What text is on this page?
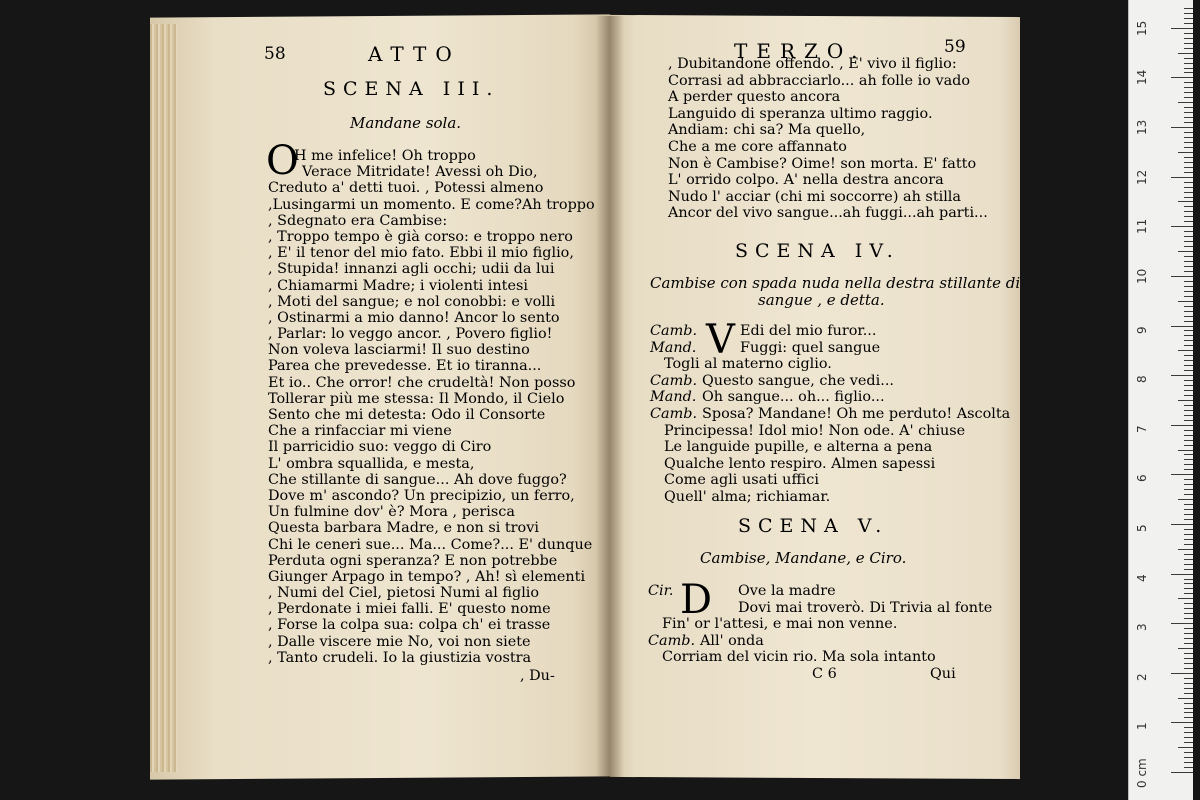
58	ATTO
SCENA III.
Mandane sola.
O
H me infelice! Oh troppo
Verace Mitridate! Avessi oh Dio,
Creduto a' detti tuoi. , Potessi almeno
,Lusingarmi un momento. E come?Ah troppo
, Sdegnato era Cambise:
, Troppo tempo è già corso: e troppo nero
, E' il tenor del mio fato. Ebbi il mio figlio,
, Stupida! innanzi agli occhi; udii da lui
, Chiamarmi Madre; i violenti intesi
, Moti del sangue; e nol conobbi: e volli
, Ostinarmi a mio danno! Ancor lo sento
, Parlar: lo veggo ancor. , Povero figlio!
Non voleva lasciarmi! Il suo destino
Parea che prevedesse. Et io tiranna...
Et io.. Che orror! che crudeltà! Non posso
Tollerar più me stessa: Il Mondo, il Cielo
Sento che mi detesta: Odo il Consorte
Che a rinfacciar mi viene
Il parricidio suo: veggo di Ciro
L' ombra squallida, e mesta,
Che stillante di sangue... Ah dove fuggo?
Dove m' ascondo? Un precipizio, un ferro,
Un fulmine dov' è? Mora , perisca
Questa barbara Madre, e non si trovi
Chi le ceneri sue... Ma... Come?... E' dunque
Perduta ogni speranza? E non potrebbe
Giunger Arpago in tempo? , Ah! sì elementi
, Numi del Ciel, pietosi Numi al figlio
, Perdonate i miei falli. E' questo nome
, Forse la colpa sua: colpa ch' ei trasse
, Dalle viscere mie No, voi non siete
, Tanto crudeli. Io la giustizia vostra
, Du-
TERZO.	59
, Dubitandone offendo. , E' vivo il figlio:
Corrasi ad abbracciarlo... ah folle io vado
A perder questo ancora
Languido di speranza ultimo raggio.
Andiam: chi sa? Ma quello,
Che a me core affannato
Non è Cambise? Oime! son morta. E' fatto
L' orrido colpo. A' nella destra ancora
Nudo l' acciar (chi mi soccorre) ah stilla
Ancor del vivo sangue...ah fuggi...ah parti...
SCENA IV.
Cambise con spada nuda nella destra stillante di
sangue , e detta.
V
Camb.	Edi del mio furor...
Mand.	Fuggi: quel sangue
Togli al materno ciglio.
Camb. Questo sangue, che vedi...
Mand. Oh sangue... oh... figlio...
Camb. Sposa? Mandane! Oh me perduto! Ascolta
Principessa! Idol mio! Non ode. A' chiuse
Le languide pupille, e alterna a pena
Qualche lento respiro. Almen sapessi
Come agli usati uffici
Quell' alma; richiamar.
SCENA V.
Cambise, Mandane, e Ciro.
D
Cir.	Ove la madre
Dovi mai troverò. Di Trivia al fonte
Fin' or l'attesi, e mai non venne.
Camb. All' onda
Corriam del vicin rio. Ma sola intanto
C 6	Qui
0 cm
1
2
3
4
5
6
7
8
9
10
11
12
13
14
15
